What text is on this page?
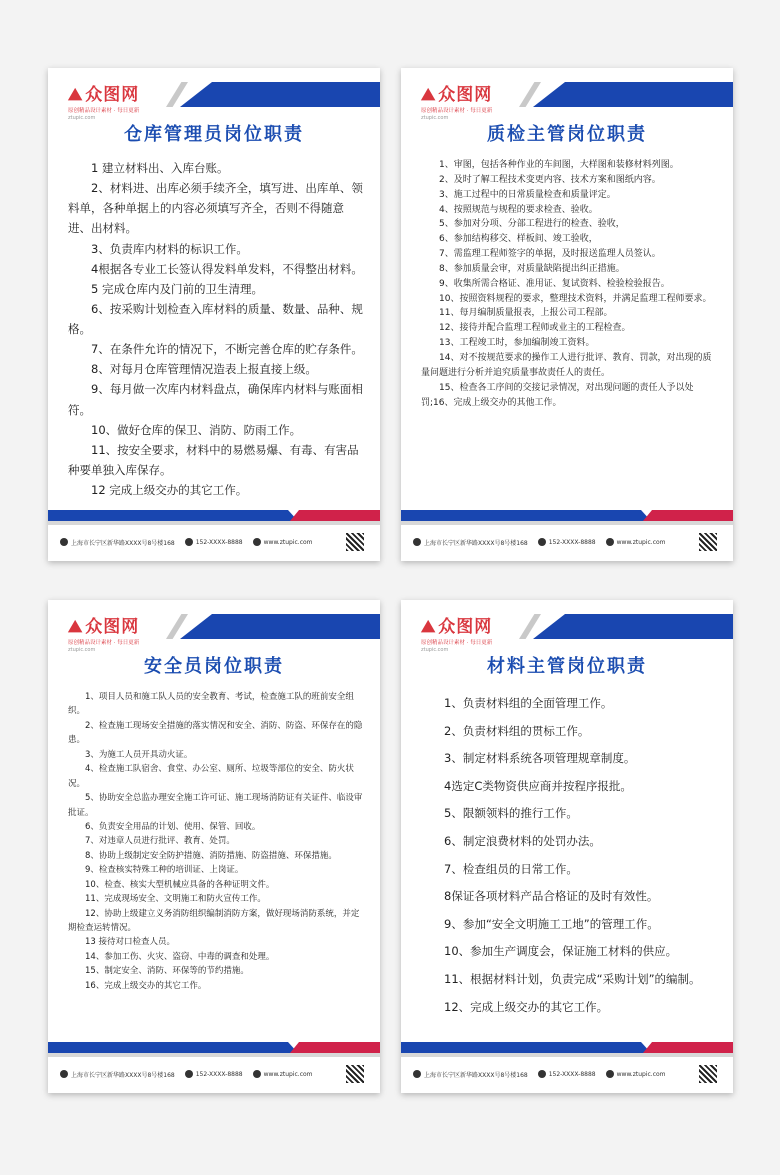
⛰ 众图网
原创精品设计素材 · 每日更新
ztupic.com
仓库管理员岗位职责

1 建立材料出、入库台账。

2、材料进、出库必须手续齐全，填写进、出库单、领料单，各种单据上的内容必须填写齐全，否则不得随意进、出材料。

3、负责库内材料的标识工作。

4根据各专业工长签认得发料单发料，不得整出材料。

5 完成仓库内及门前的卫生清理。

6、按采购计划检查入库材料的质量、数量、品种、规格。

7、在条件允许的情况下，不断完善仓库的贮存条件。

8、对每月仓库管理情况造表上报直接上级。

9、每月做一次库内材料盘点，确保库内材料与账面相符。

10、做好仓库的保卫、消防、防雨工作。

11、按安全要求，材料中的易燃易爆、有毒、有害品种要单独入库保存。

12 完成上级交办的其它工作。

上海市长宁区新华路XXXX号8号楼168	152-XXXX-8888	www.ztupic.com
⛰ 众图网
原创精品设计素材 · 每日更新
ztupic.com
质检主管岗位职责

1、审图，包括各种作业的车间图，大样图和装修材料列图。

2、及时了解工程技术变更内容、技术方案和图纸内容。

3、施工过程中的日常质量检查和质量评定。

4、按照规范与规程的要求检查、验收。

5、参加对分项、分部工程进行的检查、验收，

6、参加结构移交、样板间、竣工验收，

7、需监理工程师签字的单据，及时报送监理人员签认。

8、参加质量会审，对质量缺陷提出纠正措施。

9、收集所需合格证、准用证、复试资料、检验检验报告。

10、按照资料规程的要求，整理技术资料，并满足监理工程师要求。

11、每月编制质量报表，上报公司工程部。

12、接待并配合监理工程师或业主的工程检查。

13、工程竣工时，参加编制竣工资料。

14、对不按规范要求的操作工人进行批评、教育、罚款，对出现的质量问题进行分析并追究质量事故责任人的责任。

15、检查各工序间的交接记录情况，对出现问题的责任人予以处罚;16、完成上级交办的其他工作。

上海市长宁区新华路XXXX号8号楼168	152-XXXX-8888	www.ztupic.com
⛰ 众图网
原创精品设计素材 · 每日更新
ztupic.com
安全员岗位职责

1、项目人员和施工队人员的安全教育、考试，检查施工队的班前安全组织。

2、检查施工现场安全措施的落实情况和安全、消防、防盗、环保存在的隐患。

3、为施工人员开具动火证。

4、检查施工队宿舍、食堂、办公室、厕所、垃圾等部位的安全、防火状况。

5、协助安全总监办理安全施工许可证、施工现场消防证有关证件、临设审批证。

6、负责安全用品的计划、使用、保管、回收。

7、对违章人员进行批评、教育、处罚。

8、协助上级制定安全防护措施、消防措施、防盗措施、环保措施。

9、检查核实特殊工种的培训证、上岗证。

10、检查、核实大型机械应具备的各种证明文件。

11、完成现场安全、文明施工和防火宣传工作。

12、协助上级建立义务消防组织编制消防方案，做好现场消防系统，并定期检查运转情况。

13 接待对口检查人员。

14、参加工伤、火灾、盗窃、中毒的调查和处理。

15、制定安全、消防、环保等的节约措施。

16、完成上级交办的其它工作。

上海市长宁区新华路XXXX号8号楼168	152-XXXX-8888	www.ztupic.com
⛰ 众图网
原创精品设计素材 · 每日更新
ztupic.com
材料主管岗位职责

1、负责材料组的全面管理工作。

2、负责材料组的贯标工作。

3、制定材料系统各项管理规章制度。

4选定C类物资供应商并按程序报批。

5、限额领料的推行工作。

6、制定浪费材料的处罚办法。

7、检查组员的日常工作。

8保证各项材料产品合格证的及时有效性。

9、参加“安全文明施工工地”的管理工作。

10、参加生产调度会，保证施工材料的供应。

11、根据材料计划，负责完成“采购计划”的编制。

12、完成上级交办的其它工作。

上海市长宁区新华路XXXX号8号楼168	152-XXXX-8888	www.ztupic.com
